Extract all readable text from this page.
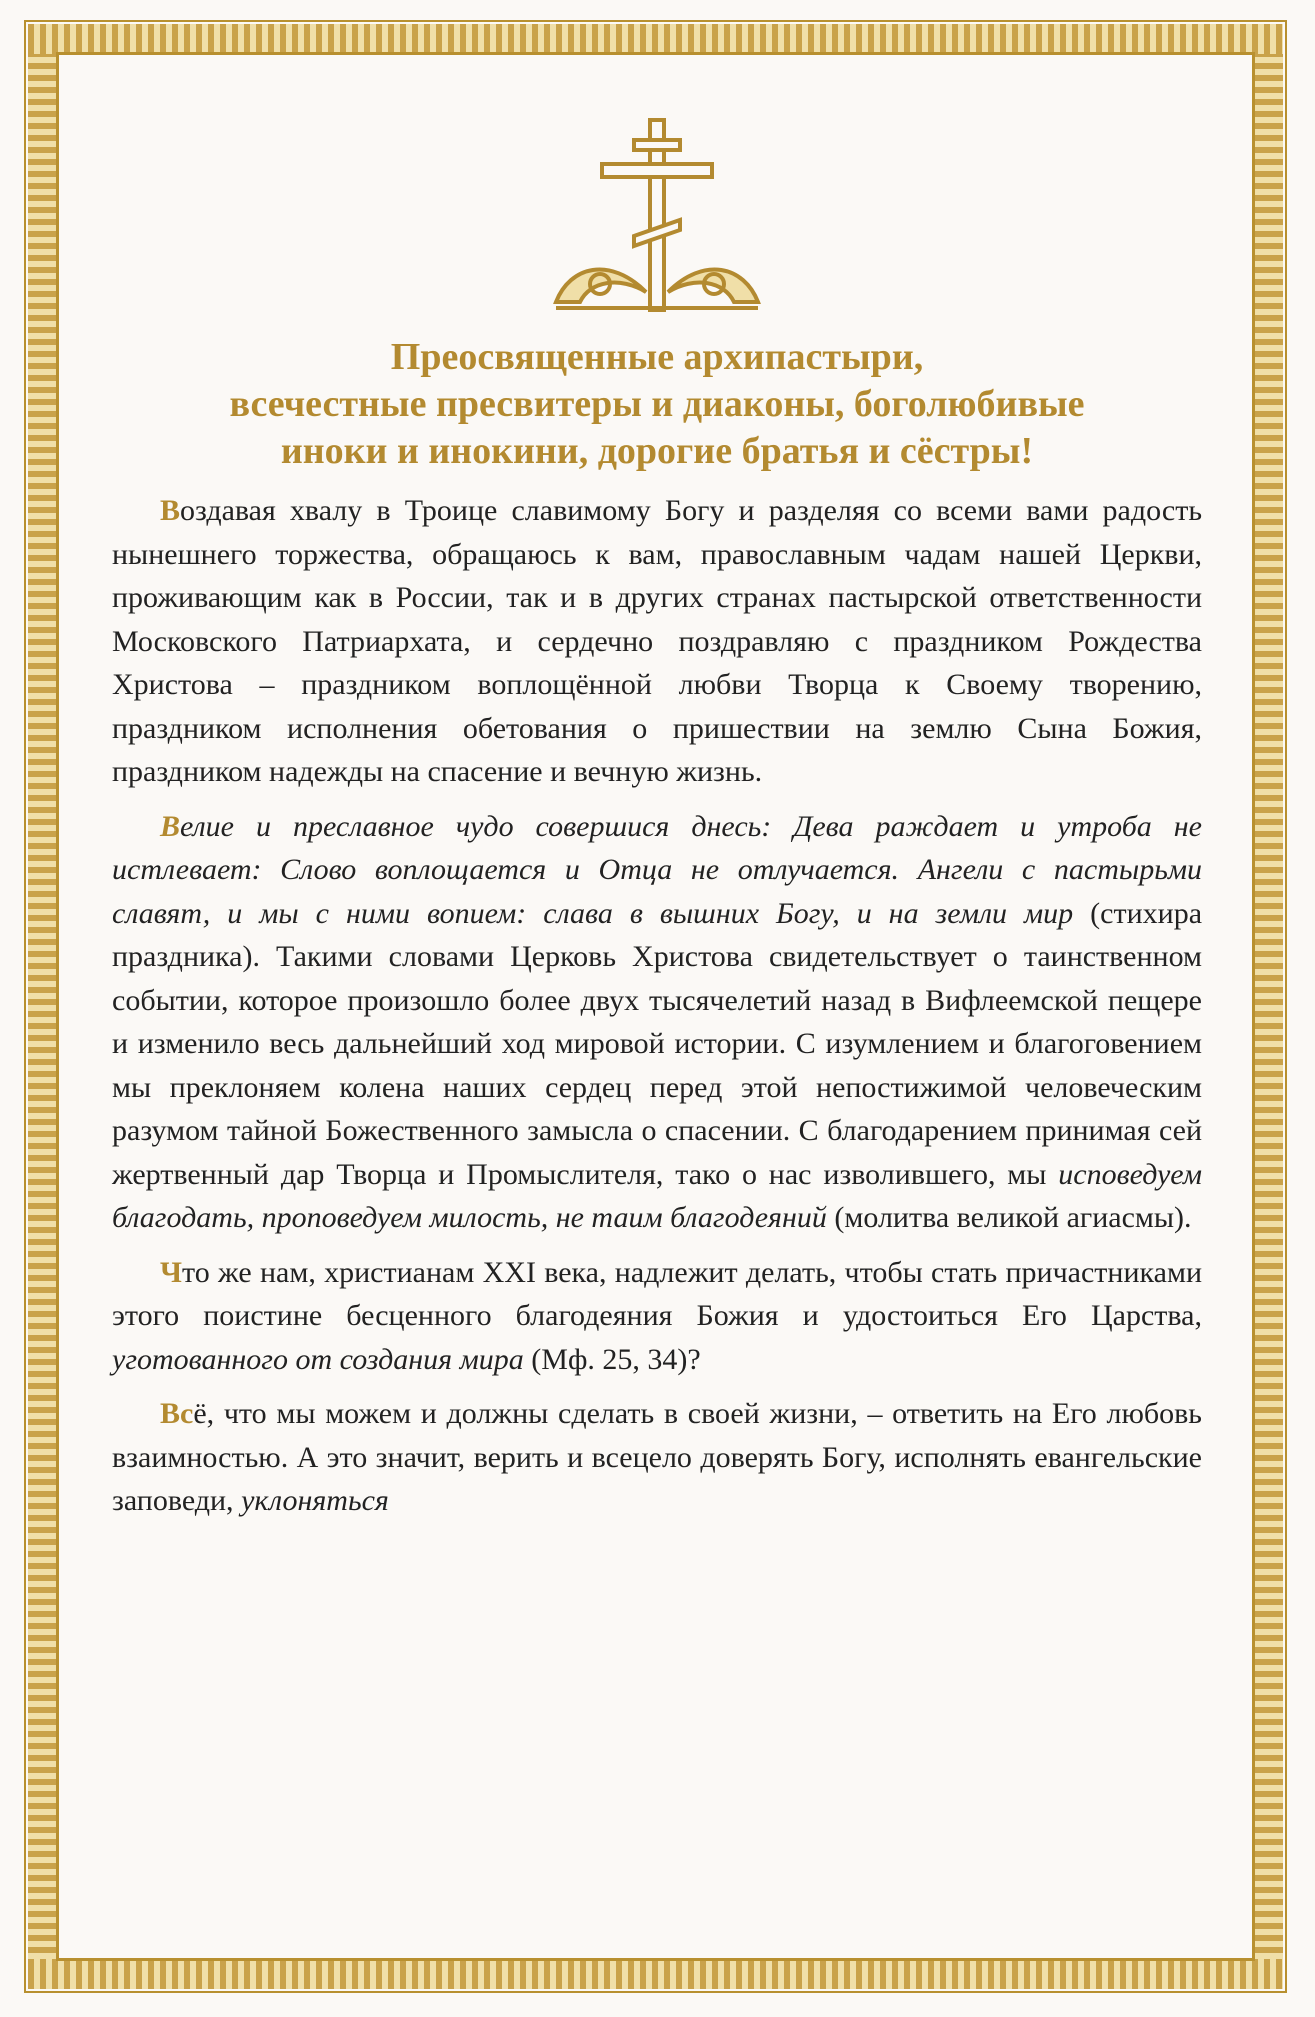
Преосвященные архипастыри,
всечестные пресвитеры и диаконы, боголюбивые
иноки и инокини, дорогие братья и сёстры!

Воздавая хвалу в Троице славимому Богу и разделяя со всеми вами радость нынешнего торжества, обращаюсь к вам, православным чадам нашей Церкви, проживающим как в России, так и в других странах пастырской ответственности Московского Патриархата, и сердечно поздравляю с праздником Рождества Христова – праздником воплощённой любви Творца к Своему творению, праздником исполнения обетования о пришествии на землю Сына Божия, праздником надежды на спасение и вечную жизнь.

Велие и преславное чудо совершися днесь: Дева раждает и утроба не истлевает: Слово воплощается и Отца не отлучается. Ангели с пастырьми славят, и мы с ними вопием: слава в вышних Богу, и на земли мир (стихира праздника). Такими словами Церковь Христова свидетельствует о таинственном событии, которое произошло более двух тысячелетий назад в Вифлеемской пещере и изменило весь дальнейший ход мировой истории. С изумлением и благоговением мы преклоняем колена наших сердец перед этой непостижимой человеческим разумом тайной Божественного замысла о спасении. С благодарением принимая сей жертвенный дар Творца и Промыслителя, тако о нас изволившего, мы исповедуем благодать, проповедуем милость, не таим благодеяний (молитва великой агиасмы).

Что же нам, христианам XXI века, надлежит делать, чтобы стать причастниками этого поистине бесценного благодеяния Божия и удостоиться Его Царства, уготованного от создания мира (Мф. 25, 34)?

Всё, что мы можем и должны сделать в своей жизни, – ответить на Его любовь взаимностью. А это значит, верить и всецело доверять Богу, исполнять евангельские заповеди, уклоняться
